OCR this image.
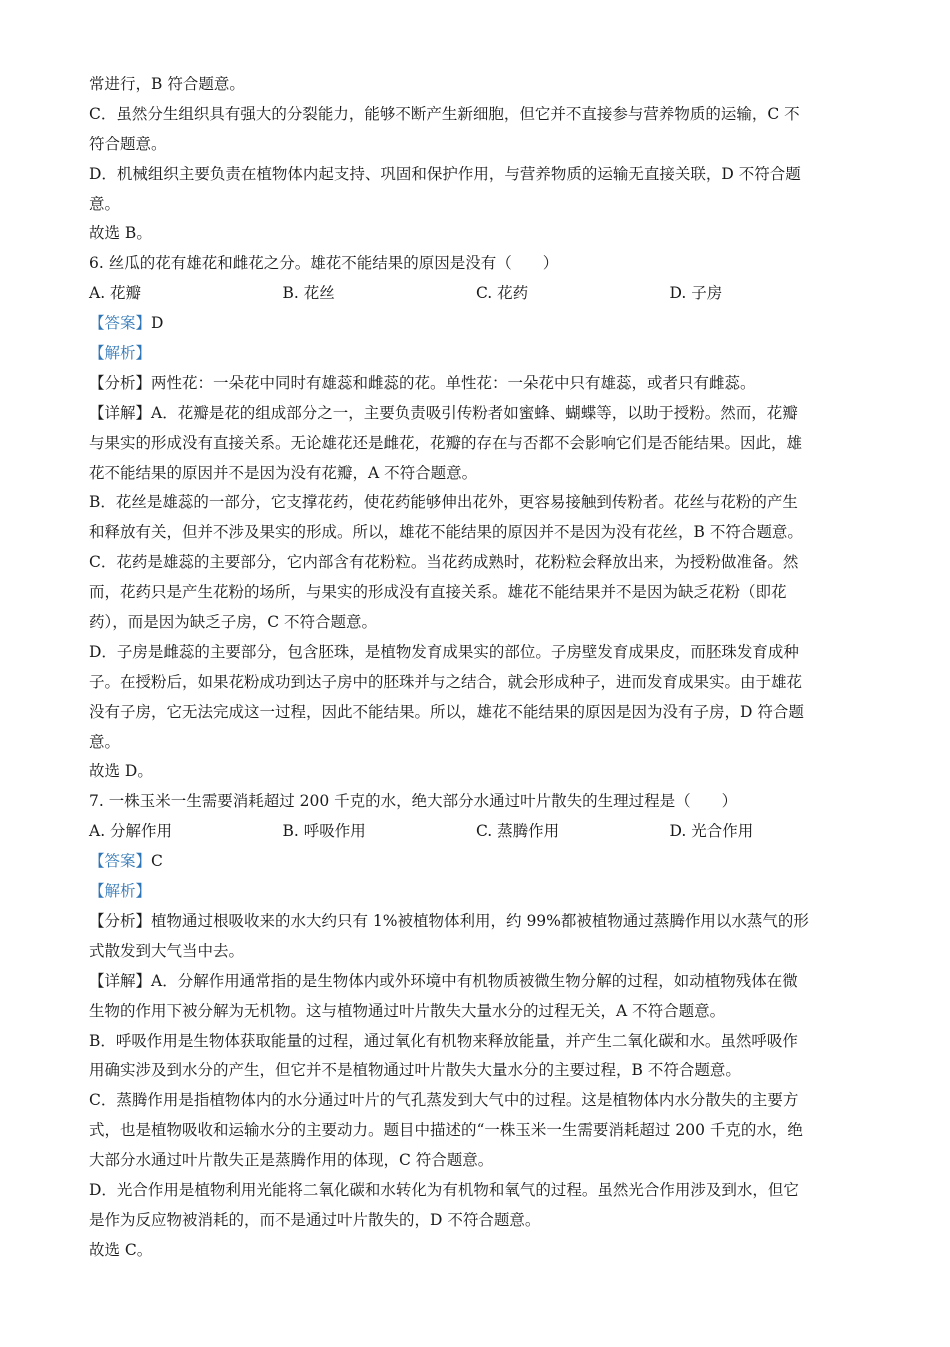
常进行，B 符合题意。
C．虽然分生组织具有强大的分裂能力，能够不断产生新细胞，但它并不直接参与营养物质的运输，C 不
符合题意。
D．机械组织主要负责在植物体内起支持、巩固和保护作用，与营养物质的运输无直接关联，D 不符合题
意。
故选 B。
6. 丝瓜的花有雄花和雌花之分。雄花不能结果的原因是没有（　　）
A. 花瓣	B. 花丝	C. 花药	D. 子房
【答案】D
【解析】
【分析】两性花：一朵花中同时有雄蕊和雌蕊的花。单性花：一朵花中只有雄蕊，或者只有雌蕊。
【详解】A．花瓣是花的组成部分之一，主要负责吸引传粉者如蜜蜂、蝴蝶等，以助于授粉。然而，花瓣
与果实的形成没有直接关系。无论雄花还是雌花，花瓣的存在与否都不会影响它们是否能结果。因此，雄
花不能结果的原因并不是因为没有花瓣，A 不符合题意。
B．花丝是雄蕊的一部分，它支撑花药，使花药能够伸出花外，更容易接触到传粉者。花丝与花粉的产生
和释放有关，但并不涉及果实的形成。所以，雄花不能结果的原因并不是因为没有花丝，B 不符合题意。
C．花药是雄蕊的主要部分，它内部含有花粉粒。当花药成熟时，花粉粒会释放出来，为授粉做准备。然
而，花药只是产生花粉的场所，与果实的形成没有直接关系。雄花不能结果并不是因为缺乏花粉（即花
药），而是因为缺乏子房，C 不符合题意。
D．子房是雌蕊的主要部分，包含胚珠，是植物发育成果实的部位。子房壁发育成果皮，而胚珠发育成种
子。在授粉后，如果花粉成功到达子房中的胚珠并与之结合，就会形成种子，进而发育成果实。由于雄花
没有子房，它无法完成这一过程，因此不能结果。所以，雄花不能结果的原因是因为没有子房，D 符合题
意。
故选 D。
7. 一株玉米一生需要消耗超过 200 千克的水，绝大部分水通过叶片散失的生理过程是（　　）
A. 分解作用	B. 呼吸作用	C. 蒸腾作用	D. 光合作用
【答案】C
【解析】
【分析】植物通过根吸收来的水大约只有 1%被植物体利用，约 99%都被植物通过蒸腾作用以水蒸气的形
式散发到大气当中去。
【详解】A．分解作用通常指的是生物体内或外环境中有机物质被微生物分解的过程，如动植物残体在微
生物的作用下被分解为无机物。这与植物通过叶片散失大量水分的过程无关，A 不符合题意。
B．呼吸作用是生物体获取能量的过程，通过氧化有机物来释放能量，并产生二氧化碳和水。虽然呼吸作
用确实涉及到水分的产生，但它并不是植物通过叶片散失大量水分的主要过程，B 不符合题意。
C．蒸腾作用是指植物体内的水分通过叶片的气孔蒸发到大气中的过程。这是植物体内水分散失的主要方
式，也是植物吸收和运输水分的主要动力。题目中描述的“一株玉米一生需要消耗超过 200 千克的水，绝
大部分水通过叶片散失正是蒸腾作用的体现，C 符合题意。
D．光合作用是植物利用光能将二氧化碳和水转化为有机物和氧气的过程。虽然光合作用涉及到水，但它
是作为反应物被消耗的，而不是通过叶片散失的，D 不符合题意。
故选 C。
